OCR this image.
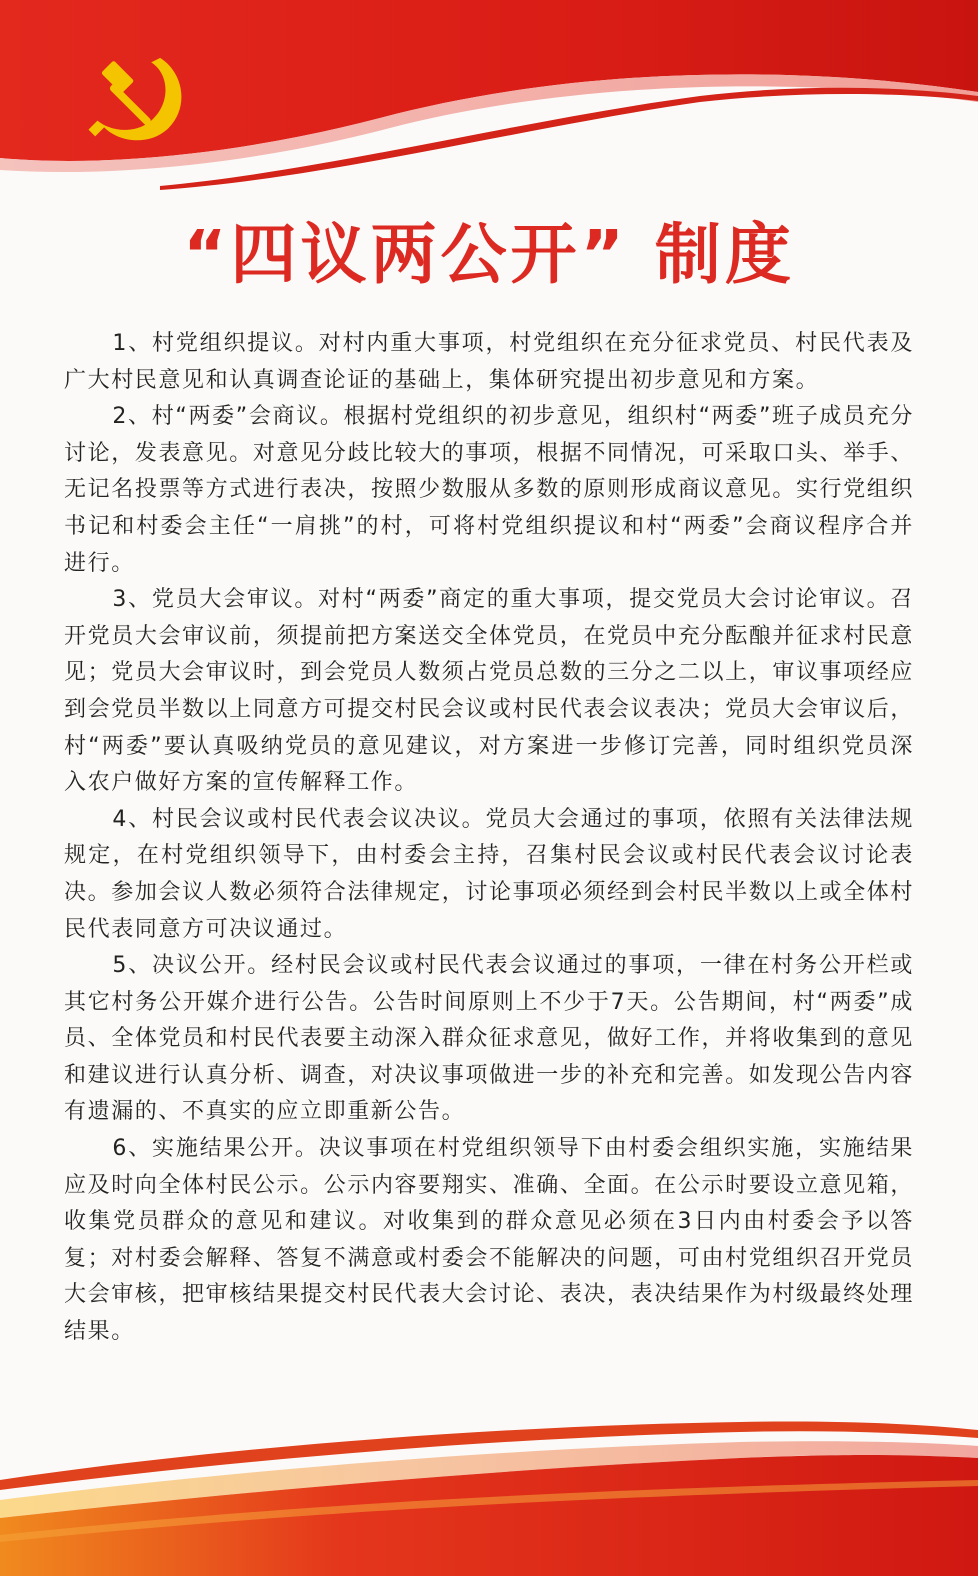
“四议两公开” 制度

1、村党组织提议。对村内重大事项，村党组织在充分征求党员、村民代表及广大村民意见和认真调查论证的基础上，集体研究提出初步意见和方案。

2、村“两委”会商议。根据村党组织的初步意见，组织村“两委”班子成员充分讨论，发表意见。对意见分歧比较大的事项，根据不同情况，可采取口头、举手、无记名投票等方式进行表决，按照少数服从多数的原则形成商议意见。实行党组织书记和村委会主任“一肩挑”的村，可将村党组织提议和村“两委”会商议程序合并进行。

3、党员大会审议。对村“两委”商定的重大事项，提交党员大会讨论审议。召开党员大会审议前，须提前把方案送交全体党员，在党员中充分酝酿并征求村民意见；党员大会审议时，到会党员人数须占党员总数的三分之二以上，审议事项经应到会党员半数以上同意方可提交村民会议或村民代表会议表决；党员大会审议后，村“两委”要认真吸纳党员的意见建议，对方案进一步修订完善，同时组织党员深入农户做好方案的宣传解释工作。

4、村民会议或村民代表会议决议。党员大会通过的事项，依照有关法律法规规定，在村党组织领导下，由村委会主持，召集村民会议或村民代表会议讨论表决。参加会议人数必须符合法律规定，讨论事项必须经到会村民半数以上或全体村民代表同意方可决议通过。

5、决议公开。经村民会议或村民代表会议通过的事项，一律在村务公开栏或其它村务公开媒介进行公告。公告时间原则上不少于7天。公告期间，村“两委”成员、全体党员和村民代表要主动深入群众征求意见，做好工作，并将收集到的意见和建议进行认真分析、调查，对决议事项做进一步的补充和完善。如发现公告内容有遗漏的、不真实的应立即重新公告。

6、实施结果公开。决议事项在村党组织领导下由村委会组织实施，实施结果应及时向全体村民公示。公示内容要翔实、准确、全面。在公示时要设立意见箱，收集党员群众的意见和建议。对收集到的群众意见必须在3日内由村委会予以答复；对村委会解释、答复不满意或村委会不能解决的问题，可由村党组织召开党员大会审核，把审核结果提交村民代表大会讨论、表决，表决结果作为村级最终处理结果。
